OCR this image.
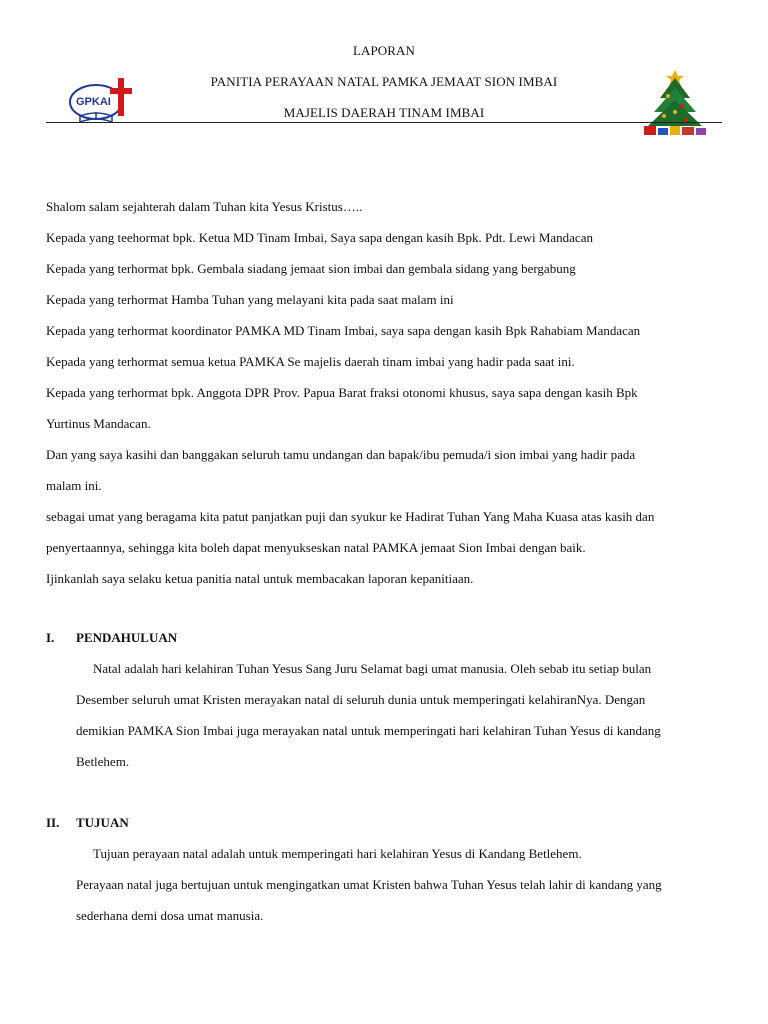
LAPORAN
PANITIA PERAYAAN NATAL PAMKA JEMAAT SION IMBAI
MAJELIS DAERAH TINAM IMBAI
GPKAI
Shalom salam sejahterah dalam Tuhan kita Yesus Kristus…..
Kepada yang teehormat bpk. Ketua MD Tinam Imbai, Saya sapa dengan kasih Bpk. Pdt. Lewi Mandacan
Kepada yang terhormat bpk. Gembala siadang jemaat sion imbai dan gembala sidang yang bergabung
Kepada yang terhormat Hamba Tuhan yang melayani kita pada saat malam ini
Kepada yang terhormat koordinator PAMKA MD Tinam Imbai, saya sapa dengan kasih Bpk Rahabiam Mandacan
Kepada yang terhormat semua ketua PAMKA Se majelis daerah tinam imbai yang hadir pada saat ini.
Kepada yang terhormat bpk. Anggota DPR Prov. Papua Barat fraksi otonomi khusus, saya sapa dengan kasih Bpk
Yurtinus Mandacan.
Dan yang saya kasihi dan banggakan seluruh tamu undangan dan bapak/ibu pemuda/i sion imbai yang hadir pada
malam ini.
sebagai umat yang beragama kita patut panjatkan puji dan syukur ke Hadirat Tuhan Yang Maha Kuasa atas kasih dan
penyertaannya, sehingga kita boleh dapat menyukseskan natal PAMKA jemaat Sion Imbai dengan baik.
Ijinkanlah saya selaku ketua panitia natal untuk membacakan laporan kepanitiaan.
I. PENDAHULUAN
Natal adalah hari kelahiran Tuhan Yesus Sang Juru Selamat bagi umat manusia. Oleh sebab itu setiap bulan
Desember seluruh umat Kristen merayakan natal di seluruh dunia untuk memperingati kelahiranNya. Dengan
demikian PAMKA Sion Imbai juga merayakan natal untuk memperingati hari kelahiran Tuhan Yesus di kandang
Betlehem.
II. TUJUAN
Tujuan perayaan natal adalah untuk memperingati hari kelahiran Yesus di Kandang Betlehem.
Perayaan natal juga bertujuan untuk mengingatkan umat Kristen bahwa Tuhan Yesus telah lahir di kandang yang
sederhana demi dosa umat manusia.
